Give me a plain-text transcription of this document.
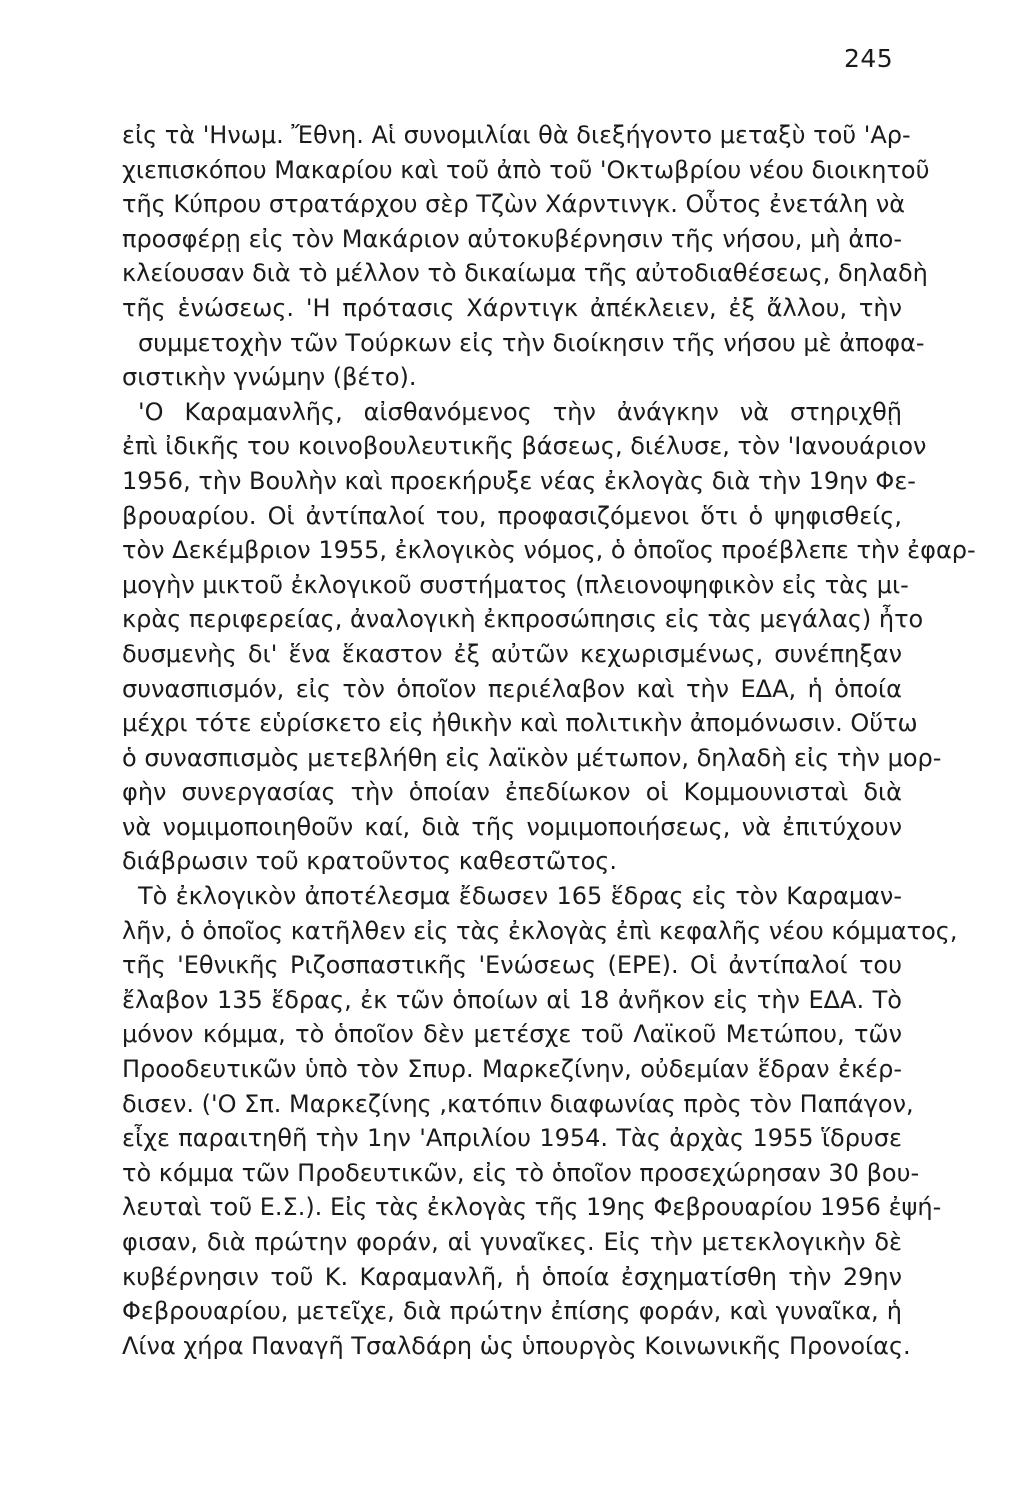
245
εἰς τὰ 'Ηνωμ. Ἔθνη. Αἱ συνομιλίαι θὰ διεξήγοντο μεταξὺ τοῦ 'Αρ-
χιεπισκόπου Μακαρίου καὶ τοῦ ἀπὸ τοῦ 'Οκτωβρίου νέου διοικητοῦ
τῆς Κύπρου στρατάρχου σὲρ Τζὼν Χάρντινγκ. Οὗτος ἐνετάλη νὰ
προσφέρῃ εἰς τὸν Μακάριον αὐτοκυβέρνησιν τῆς νήσου, μὴ ἀπο-
κλείουσαν διὰ τὸ μέλλον τὸ δικαίωμα τῆς αὐτοδιαθέσεως, δηλαδὴ
τῆς ἑνώσεως. 'Η πρότασις Χάρντιγκ ἀπέκλειεν, ἐξ ἄλλου, τὴν
συμμετοχὴν τῶν Τούρκων εἰς τὴν διοίκησιν τῆς νήσου μὲ ἀποφα-
σιστικὴν γνώμην (βέτο).
'Ο Καραμανλῆς, αἰσθανόμενος τὴν ἀνάγκην νὰ στηριχθῇ
ἐπὶ ἰδικῆς του κοινοβουλευτικῆς βάσεως, διέλυσε, τὸν 'Ιανουάριον
1956, τὴν Βουλὴν καὶ προεκήρυξε νέας ἐκλογὰς διὰ τὴν 19ην Φε-
βρουαρίου. Οἱ ἀντίπαλοί του, προφασιζόμενοι ὅτι ὁ ψηφισθείς,
τὸν Δεκέμβριον 1955, ἐκλογικὸς νόμος, ὁ ὁποῖος προέβλεπε τὴν ἐφαρ-
μογὴν μικτοῦ ἐκλογικοῦ συστήματος (πλειονοψηφικὸν εἰς τὰς μι-
κρὰς περιφερείας, ἀναλογικὴ ἐκπροσώπησις εἰς τὰς μεγάλας) ἦτο
δυσμενὴς δι' ἕνα ἕκαστον ἐξ αὐτῶν κεχωρισμένως, συνέπηξαν
συνασπισμόν, εἰς τὸν ὁποῖον περιέλαβον καὶ τὴν ΕΔΑ, ἡ ὁποία
μέχρι τότε εὑρίσκετο εἰς ἠθικὴν καὶ πολιτικὴν ἀπομόνωσιν. Οὕτω
ὁ συνασπισμὸς μετεβλήθη εἰς λαϊκὸν μέτωπον, δηλαδὴ εἰς τὴν μορ-
φὴν συνεργασίας τὴν ὁποίαν ἐπεδίωκον οἱ Κομμουνισταὶ διὰ
νὰ νομιμοποιηθοῦν καί, διὰ τῆς νομιμοποιήσεως, νὰ ἐπιτύχουν
διάβρωσιν τοῦ κρατοῦντος καθεστῶτος.
Τὸ ἐκλογικὸν ἀποτέλεσμα ἔδωσεν 165 ἕδρας εἰς τὸν Καραμαν-
λῆν, ὁ ὁποῖος κατῆλθεν εἰς τὰς ἐκλογὰς ἐπὶ κεφαλῆς νέου κόμματος,
τῆς 'Εθνικῆς Ριζοσπαστικῆς 'Ενώσεως (ΕΡΕ). Οἱ ἀντίπαλοί του
ἔλαβον 135 ἕδρας, ἐκ τῶν ὁποίων αἱ 18 ἀνῆκον εἰς τὴν ΕΔΑ. Τὸ
μόνον κόμμα, τὸ ὁποῖον δὲν μετέσχε τοῦ Λαϊκοῦ Μετώπου, τῶν
Προοδευτικῶν ὑπὸ τὸν Σπυρ. Μαρκεζίνην, οὐδεμίαν ἕδραν ἐκέρ-
δισεν. ('Ο Σπ. Μαρκεζίνης ,κατόπιν διαφωνίας πρὸς τὸν Παπάγον,
εἶχε παραιτηθῆ τὴν 1ην 'Απριλίου 1954. Τὰς ἀρχὰς 1955 ἵδρυσε
τὸ κόμμα τῶν Προδευτικῶν, εἰς τὸ ὁποῖον προσεχώρησαν 30 βου-
λευταὶ τοῦ Ε.Σ.). Εἰς τὰς ἐκλογὰς τῆς 19ης Φεβρουαρίου 1956 ἐψή-
φισαν, διὰ πρώτην φοράν, αἱ γυναῖκες. Εἰς τὴν μετεκλογικὴν δὲ
κυβέρνησιν τοῦ Κ. Καραμανλῆ, ἡ ὁποία ἐσχηματίσθη τὴν 29ην
Φεβρουαρίου, μετεῖχε, διὰ πρώτην ἐπίσης φοράν, καὶ γυναῖκα, ἡ
Λίνα χήρα Παναγῆ Τσαλδάρη ὡς ὑπουργὸς Κοινωνικῆς Προνοίας.
